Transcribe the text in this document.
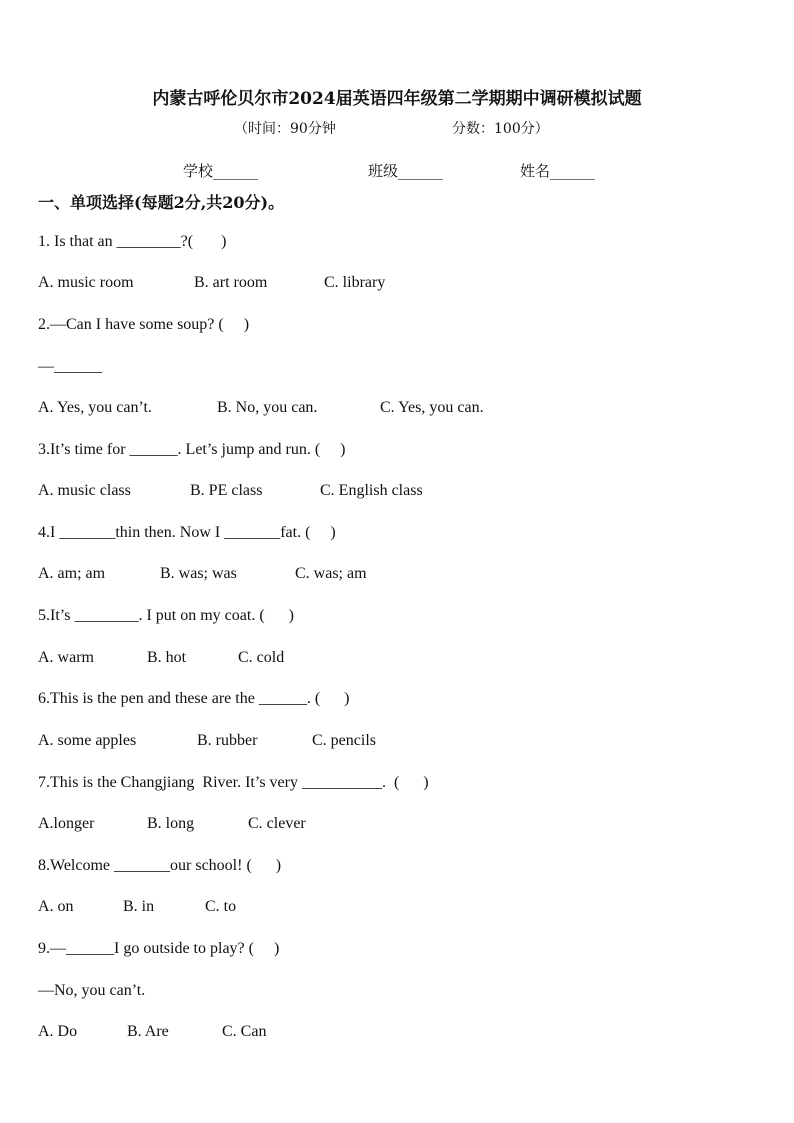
内蒙古呼伦贝尔市2024届英语四年级第二学期期中调研模拟试题
（时间：90分钟	分数：100分）
学校______	班级______	姓名______
一、单项选择(每题2分,共20分)。
1. Is that an ________?(       )
A. music room	B. art room	C. library
2.—Can I have some soup? (     )
—______
A. Yes, you can’t.	B. No, you can.	C. Yes, you can.
3.It’s time for ______. Let’s jump and run. (     )
A. music class	B. PE class	C. English class
4.I _______thin then. Now I _______fat. (     )
A. am; am	B. was; was	C. was; am
5.It’s ________. I put on my coat. (      )
A. warm	B. hot	C. cold
6.This is the pen and these are the ______. (      )
A. some apples	B. rubber	C. pencils
7.This is the Changjiang  River. It’s very __________.  (      )
A.longer	B. long	C. clever
8.Welcome _______our school! (      )
A. on	B. in	C. to
9.—______I go outside to play? (     )
—No, you can’t.
A. Do	B. Are	C. Can
